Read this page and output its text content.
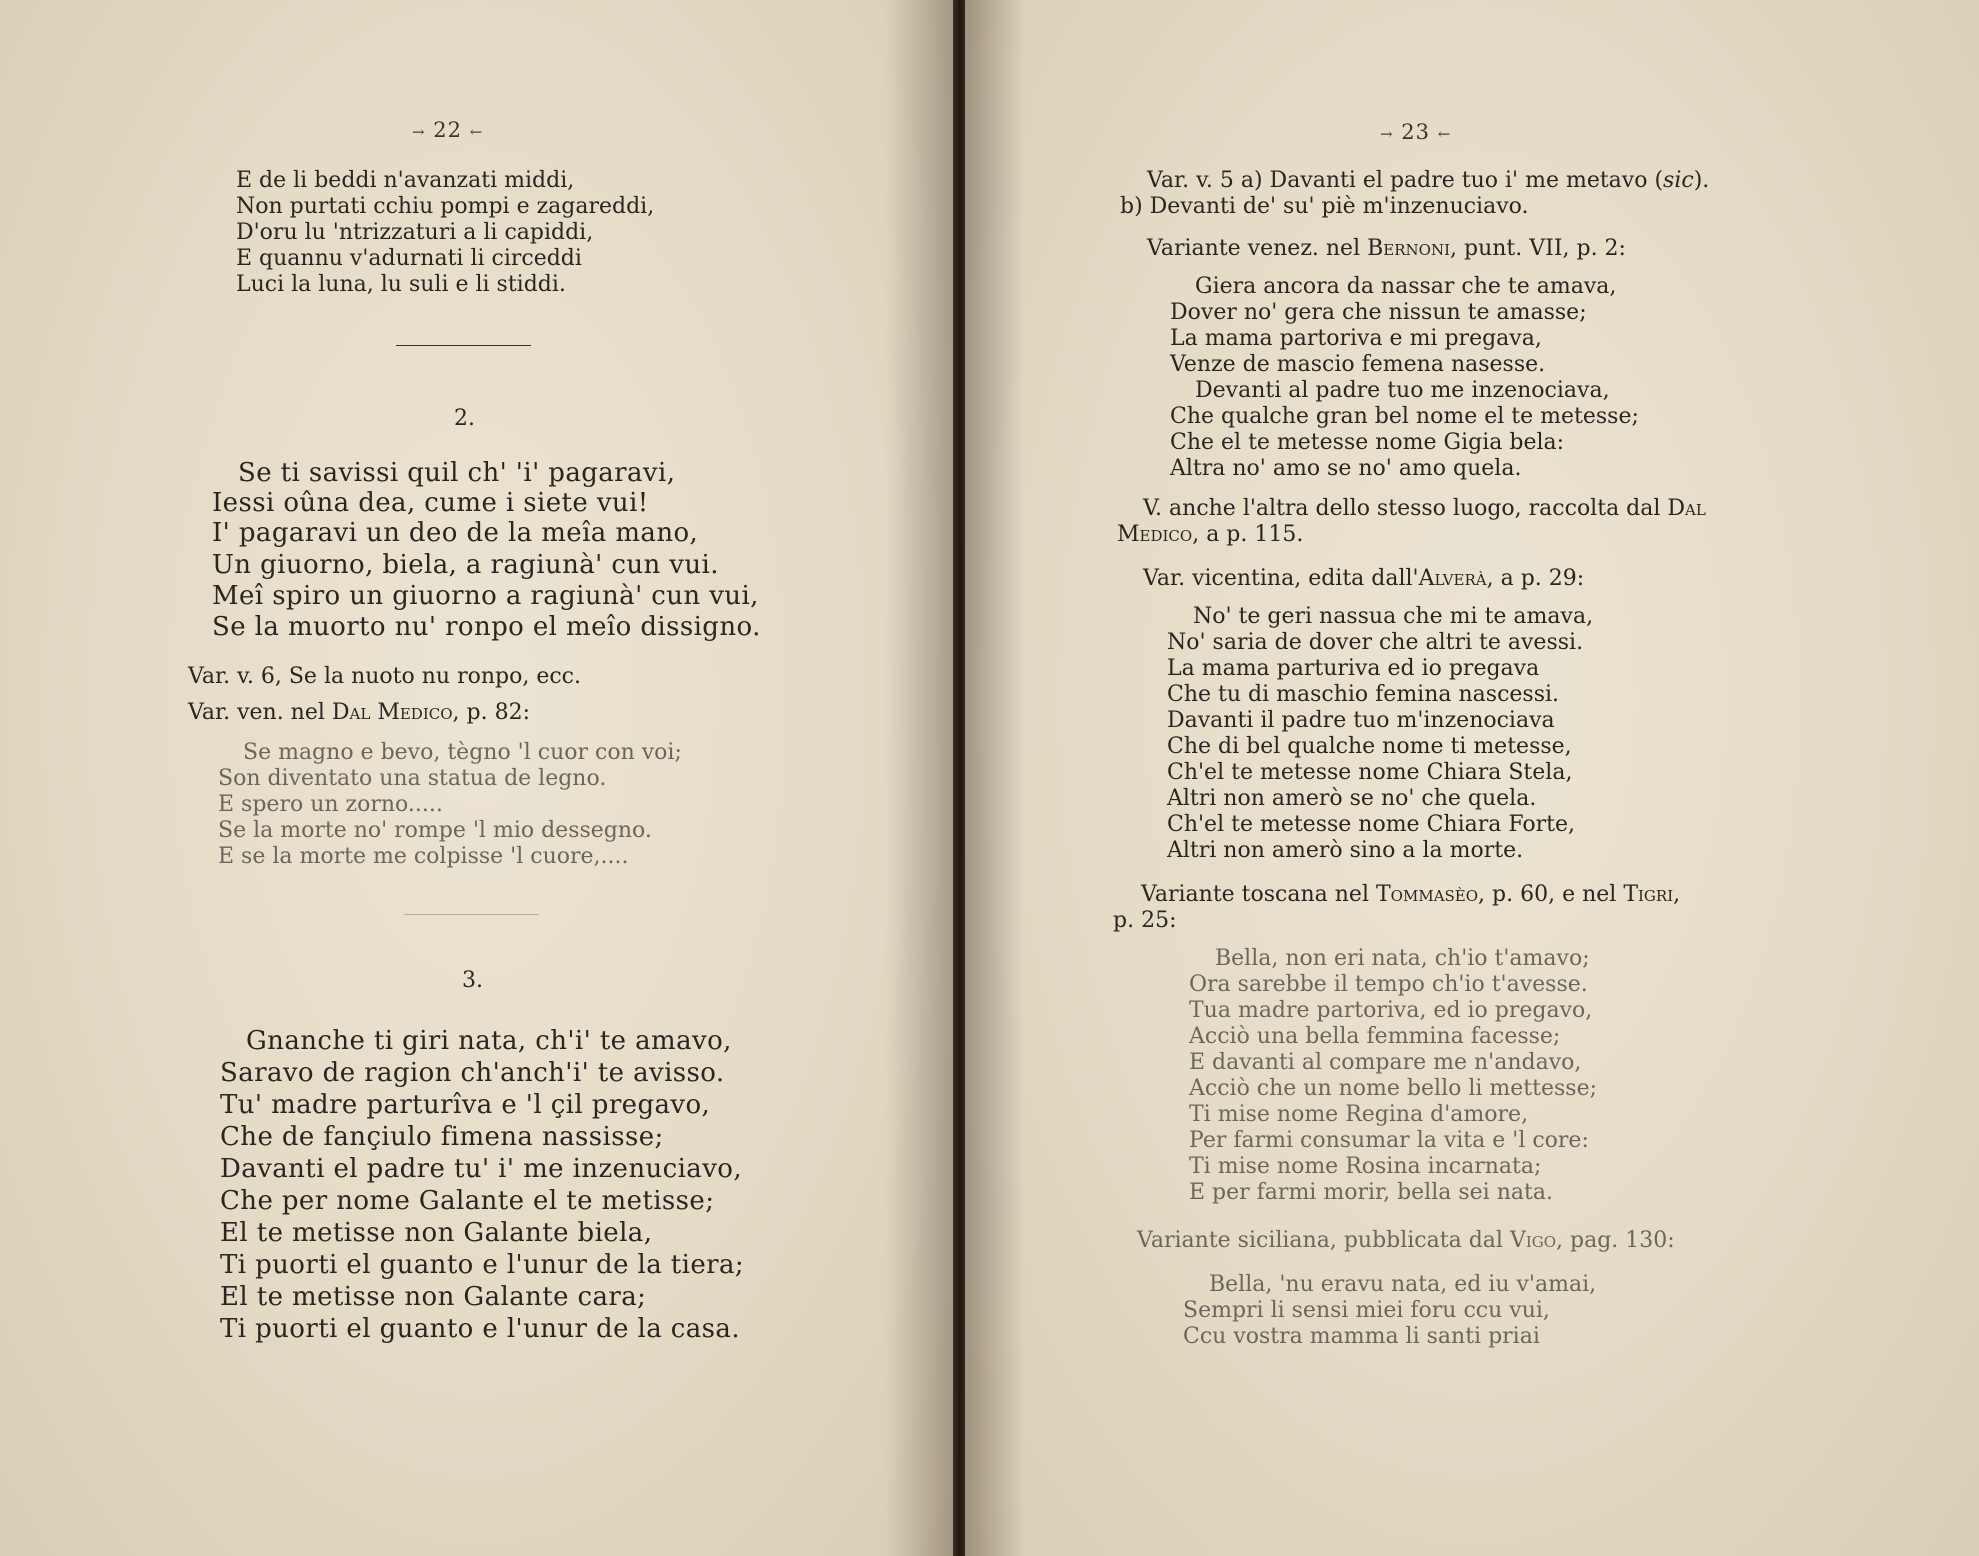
→ 22 ←
E de li beddi n'avanzati middi,
Non purtati cchiu pompi e zagareddi,
D'oru lu 'ntrizzaturi a li capiddi,
E quannu v'adurnati li circeddi
Luci la luna, lu suli e li stiddi.
2.
Se ti savissi quil ch' 'i' pagaravi,
Iessi oûna dea, cume i siete vui!
I' pagaravi un deo de la meîa mano,
Un giuorno, biela, a ragiunà' cun vui.
Meî spiro un giuorno a ragiunà' cun vui,
Se la muorto nu' ronpo el meîo dissigno.
Var. v. 6, Se la nuoto nu ronpo, ecc.
Var. ven. nel Dal Medico, p. 82:
Se magno e bevo, tègno 'l cuor con voi;
Son diventato una statua de legno.
E spero un zorno.....
Se la morte no' rompe 'l mio dessegno.
E se la morte me colpisse 'l cuore,....
3.
Gnanche ti giri nata, ch'i' te amavo,
Saravo de ragion ch'anch'i' te avisso.
Tu' madre parturîva e 'l çil pregavo,
Che de fançiulo fimena nassisse;
Davanti el padre tu' i' me inzenuciavo,
Che per nome Galante el te metisse;
El te metisse non Galante biela,
Ti puorti el guanto e l'unur de la tiera;
El te metisse non Galante cara;
Ti puorti el guanto e l'unur de la casa.
→ 23 ←
Var. v. 5 a) Davanti el padre tuo i' me metavo (sic).
b) Devanti de' su' piè m'inzenuciavo.
Variante venez. nel Bernoni, punt. VII, p. 2:
Giera ancora da nassar che te amava,
Dover no' gera che nissun te amasse;
La mama partoriva e mi pregava,
Venze de mascio femena nasesse.
Devanti al padre tuo me inzenociava,
Che qualche gran bel nome el te metesse;
Che el te metesse nome Gigia bela:
Altra no' amo se no' amo quela.
V. anche l'altra dello stesso luogo, raccolta dal Dal
Medico, a p. 115.
Var. vicentina, edita dall'Alverà, a p. 29:
No' te geri nassua che mi te amava,
No' saria de dover che altri te avessi.
La mama parturiva ed io pregava
Che tu di maschio femina nascessi.
Davanti il padre tuo m'inzenociava
Che di bel qualche nome ti metesse,
Ch'el te metesse nome Chiara Stela,
Altri non amerò se no' che quela.
Ch'el te metesse nome Chiara Forte,
Altri non amerò sino a la morte.
Variante toscana nel Tommasèo, p. 60, e nel Tigri,
p. 25:
Bella, non eri nata, ch'io t'amavo;
Ora sarebbe il tempo ch'io t'avesse.
Tua madre partoriva, ed io pregavo,
Acciò una bella femmina facesse;
E davanti al compare me n'andavo,
Acciò che un nome bello li mettesse;
Ti mise nome Regina d'amore,
Per farmi consumar la vita e 'l core:
Ti mise nome Rosina incarnata;
E per farmi morir, bella sei nata.
Variante siciliana, pubblicata dal Vigo, pag. 130:
Bella, 'nu eravu nata, ed iu v'amai,
Sempri li sensi miei foru ccu vui,
Ccu vostra mamma li santi priai
